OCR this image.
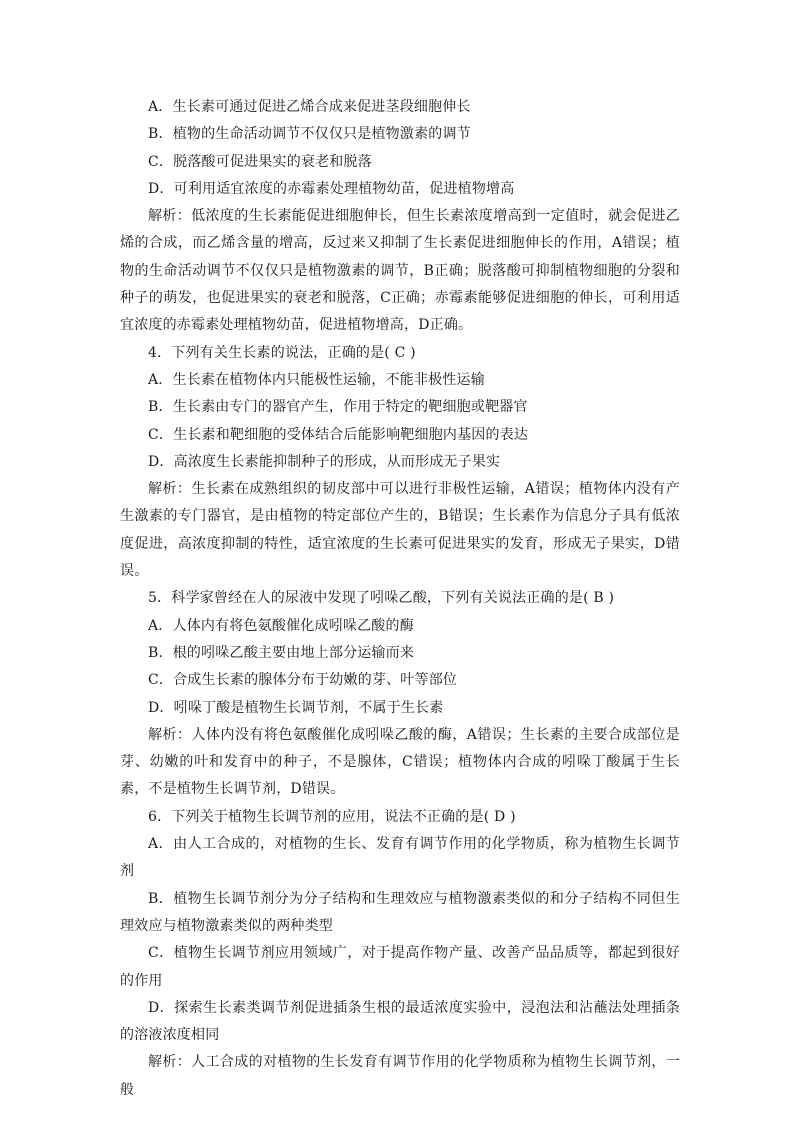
A．生长素可通过促进乙烯合成来促进茎段细胞伸长
B．植物的生命活动调节不仅仅只是植物激素的调节
C．脱落酸可促进果实的衰老和脱落
D．可利用适宜浓度的赤霉素处理植物幼苗，促进植物增高

解析：低浓度的生长素能促进细胞伸长，但生长素浓度增高到一定值时，就会促进乙烯的合成，而乙烯含量的增高，反过来又抑制了生长素促进细胞伸长的作用，A错误；植物的生命活动调节不仅仅只是植物激素的调节，B正确；脱落酸可抑制植物细胞的分裂和种子的萌发，也促进果实的衰老和脱落，C正确；赤霉素能够促进细胞的伸长，可利用适宜浓度的赤霉素处理植物幼苗，促进植物增高，D正确。

4．下列有关生长素的说法，正确的是( C )
A．生长素在植物体内只能极性运输，不能非极性运输
B．生长素由专门的器官产生，作用于特定的靶细胞或靶器官
C．生长素和靶细胞的受体结合后能影响靶细胞内基因的表达
D．高浓度生长素能抑制种子的形成，从而形成无子果实

解析：生长素在成熟组织的韧皮部中可以进行非极性运输，A错误；植物体内没有产生激素的专门器官，是由植物的特定部位产生的，B错误；生长素作为信息分子具有低浓度促进，高浓度抑制的特性，适宜浓度的生长素可促进果实的发育，形成无子果实，D错误。

5．科学家曾经在人的尿液中发现了吲哚乙酸，下列有关说法正确的是( B )
A．人体内有将色氨酸催化成吲哚乙酸的酶
B．根的吲哚乙酸主要由地上部分运输而来
C．合成生长素的腺体分布于幼嫩的芽、叶等部位
D．吲哚丁酸是植物生长调节剂，不属于生长素

解析：人体内没有将色氨酸催化成吲哚乙酸的酶，A错误；生长素的主要合成部位是芽、幼嫩的叶和发育中的种子，不是腺体，C错误；植物体内合成的吲哚丁酸属于生长素，不是植物生长调节剂，D错误。

6．下列关于植物生长调节剂的应用，说法不正确的是( D )

A．由人工合成的，对植物的生长、发育有调节作用的化学物质，称为植物生长调节剂

B．植物生长调节剂分为分子结构和生理效应与植物激素类似的和分子结构不同但生理效应与植物激素类似的两种类型

C．植物生长调节剂应用领域广，对于提高作物产量、改善产品品质等，都起到很好的作用

D．探索生长素类调节剂促进插条生根的最适浓度实验中，浸泡法和沾蘸法处理插条的溶液浓度相同

解析：人工合成的对植物的生长发育有调节作用的化学物质称为植物生长调节剂，一般
